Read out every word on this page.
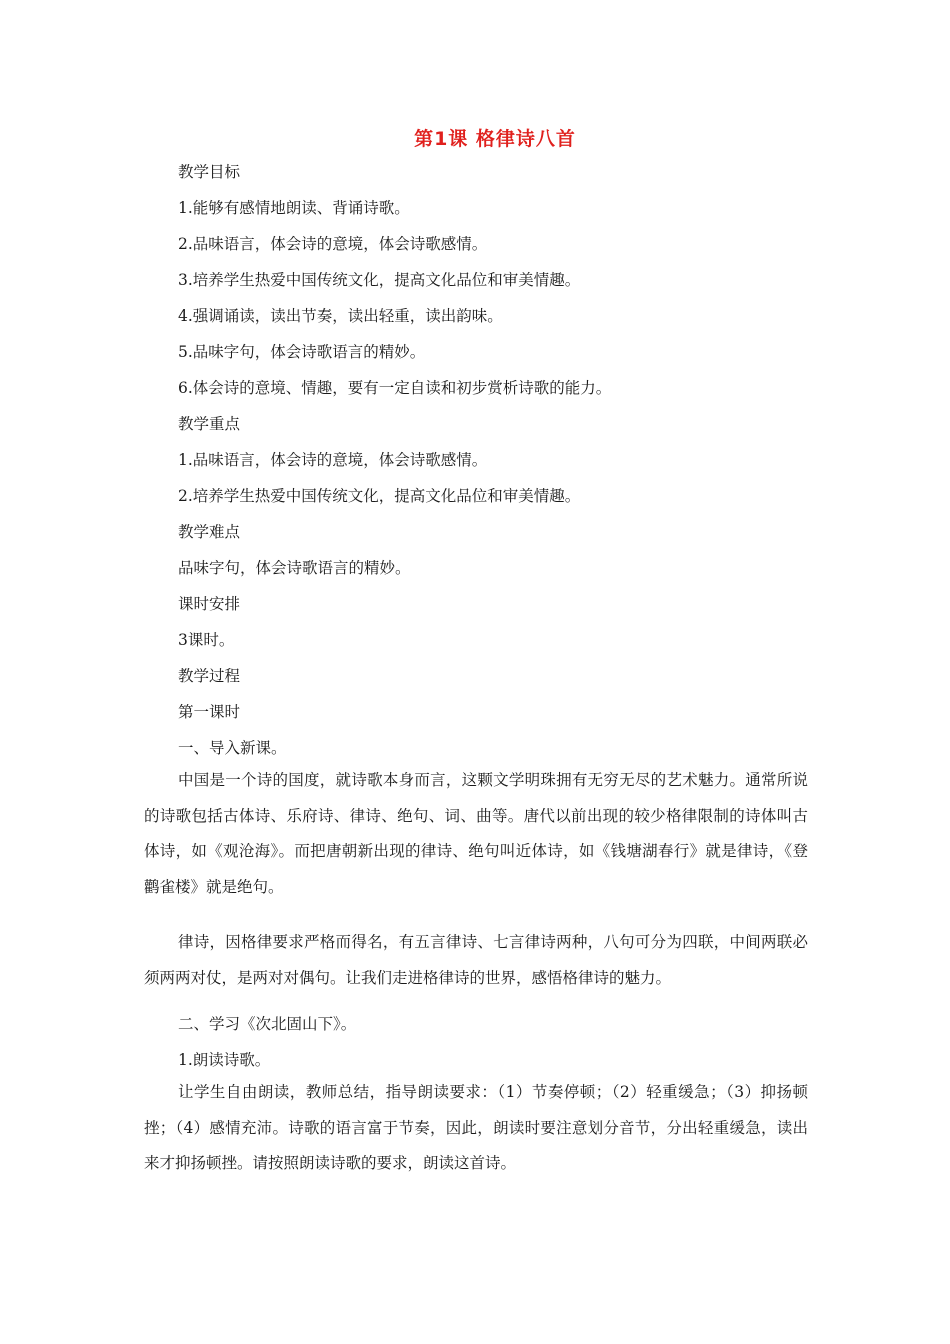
第1课 格律诗八首
教学目标
1.能够有感情地朗读、背诵诗歌。
2.品味语言，体会诗的意境，体会诗歌感情。
3.培养学生热爱中国传统文化，提高文化品位和审美情趣。
4.强调诵读，读出节奏，读出轻重，读出韵味。
5.品味字句，体会诗歌语言的精妙。
6.体会诗的意境、情趣，要有一定自读和初步赏析诗歌的能力。
教学重点
1.品味语言，体会诗的意境，体会诗歌感情。
2.培养学生热爱中国传统文化，提高文化品位和审美情趣。
教学难点
品味字句，体会诗歌语言的精妙。
课时安排
3课时。
教学过程
第一课时
一、导入新课。
中国是一个诗的国度，就诗歌本身而言，这颗文学明珠拥有无穷无尽的艺术魅力。通常所说的诗歌包括古体诗、乐府诗、律诗、绝句、词、曲等。唐代以前出现的较少格律限制的诗体叫古体诗，如《观沧海》。而把唐朝新出现的律诗、绝句叫近体诗，如《钱塘湖春行》就是律诗，《登鹳雀楼》就是绝句。
律诗，因格律要求严格而得名，有五言律诗、七言律诗两种，八句可分为四联，中间两联必须两两对仗，是两对对偶句。让我们走进格律诗的世界，感悟格律诗的魅力。
二、学习《次北固山下》。
1.朗读诗歌。
让学生自由朗读，教师总结，指导朗读要求：（1）节奏停顿；（2）轻重缓急；（3）抑扬顿挫；（4）感情充沛。诗歌的语言富于节奏，因此，朗读时要注意划分音节，分出轻重缓急，读出来才抑扬顿挫。请按照朗读诗歌的要求，朗读这首诗。
